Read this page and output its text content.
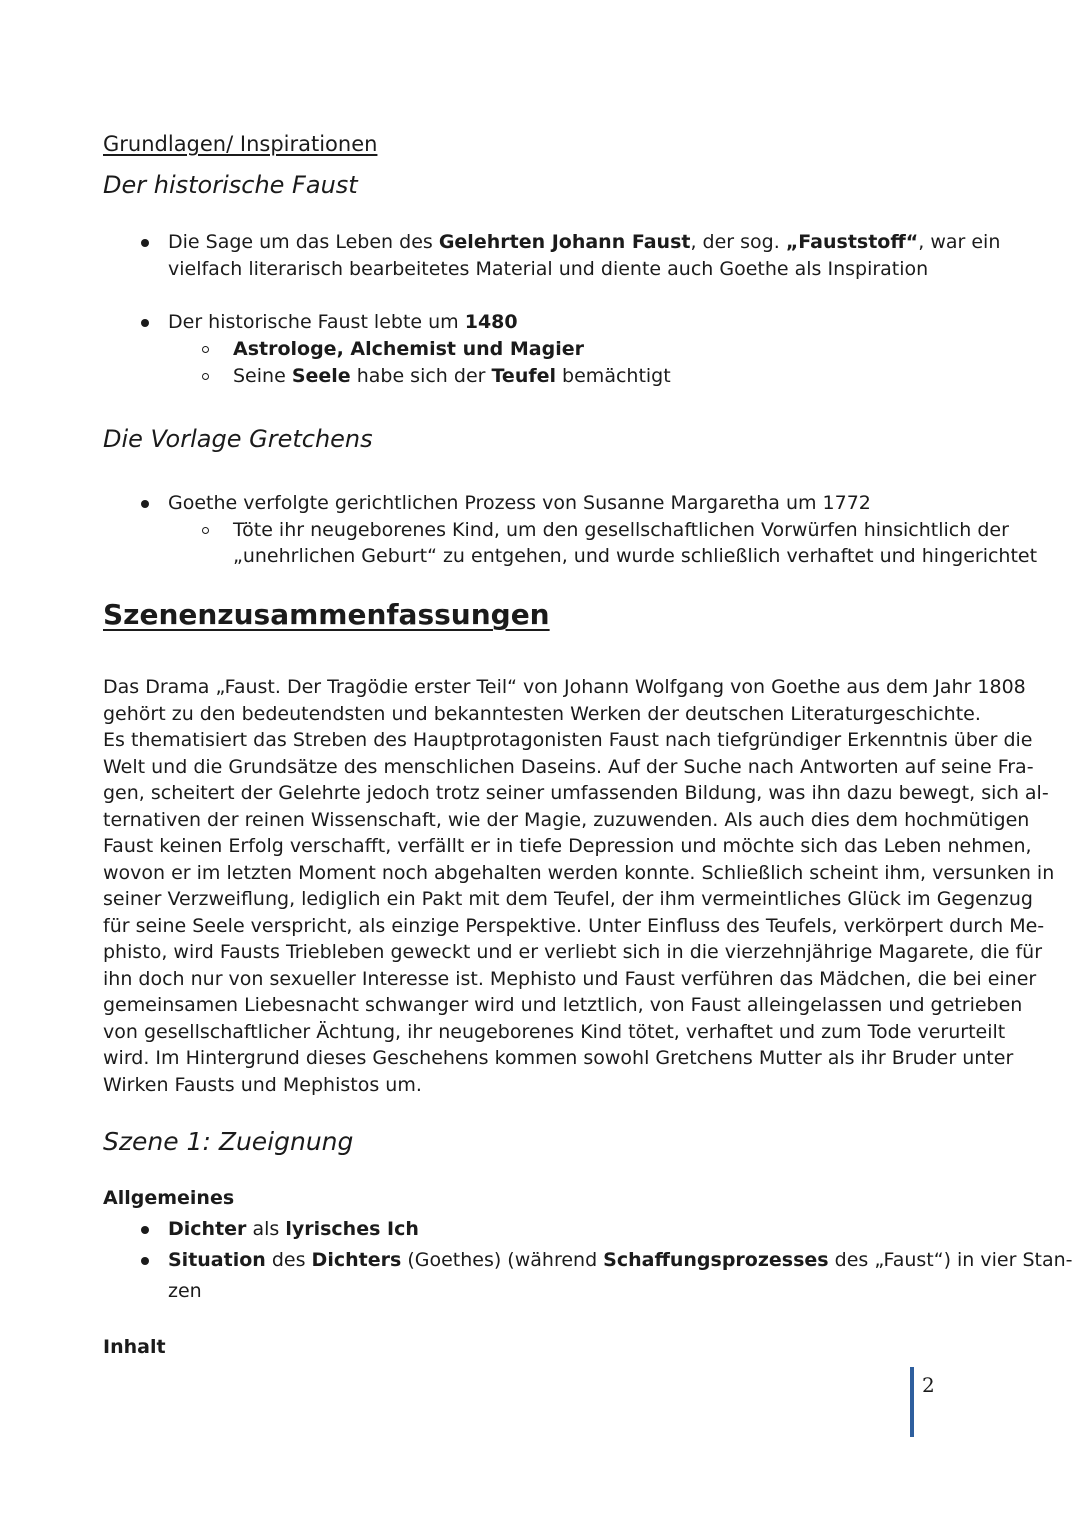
Grundlagen/ Inspirationen
Der historische Faust
Die Sage um das Leben des Gelehrten Johann Faust, der sog. „Fauststoff“, war ein
vielfach literarisch bearbeitetes Material und diente auch Goethe als Inspiration
Der historische Faust lebte um 1480
Astrologe, Alchemist und Magier
Seine Seele habe sich der Teufel bemächtigt
Die Vorlage Gretchens
Goethe verfolgte gerichtlichen Prozess von Susanne Margaretha um 1772
Töte ihr neugeborenes Kind, um den gesellschaftlichen Vorwürfen hinsichtlich der
„unehrlichen Geburt“ zu entgehen, und wurde schließlich verhaftet und hingerichtet
Szenenzusammenfassungen
Das Drama „Faust. Der Tragödie erster Teil“ von Johann Wolfgang von Goethe aus dem Jahr 1808
gehört zu den bedeutendsten und bekanntesten Werken der deutschen Literaturgeschichte.
Es thematisiert das Streben des Hauptprotagonisten Faust nach tiefgründiger Erkenntnis über die
Welt und die Grundsätze des menschlichen Daseins. Auf der Suche nach Antworten auf seine Fra-
gen, scheitert der Gelehrte jedoch trotz seiner umfassenden Bildung, was ihn dazu bewegt, sich al-
ternativen der reinen Wissenschaft, wie der Magie, zuzuwenden. Als auch dies dem hochmütigen
Faust keinen Erfolg verschafft, verfällt er in tiefe Depression und möchte sich das Leben nehmen,
wovon er im letzten Moment noch abgehalten werden konnte. Schließlich scheint ihm, versunken in
seiner Verzweiflung, lediglich ein Pakt mit dem Teufel, der ihm vermeintliches Glück im Gegenzug
für seine Seele verspricht, als einzige Perspektive. Unter Einfluss des Teufels, verkörpert durch Me-
phisto, wird Fausts Triebleben geweckt und er verliebt sich in die vierzehnjährige Magarete, die für
ihn doch nur von sexueller Interesse ist. Mephisto und Faust verführen das Mädchen, die bei einer
gemeinsamen Liebesnacht schwanger wird und letztlich, von Faust alleingelassen und getrieben
von gesellschaftlicher Ächtung, ihr neugeborenes Kind tötet, verhaftet und zum Tode verurteilt
wird. Im Hintergrund dieses Geschehens kommen sowohl Gretchens Mutter als ihr Bruder unter
Wirken Fausts und Mephistos um.
Szene 1: Zueignung
Allgemeines
Dichter als lyrisches Ich
Situation des Dichters (Goethes) (während Schaffungsprozesses des „Faust“) in vier Stan-
zen
Inhalt
2
